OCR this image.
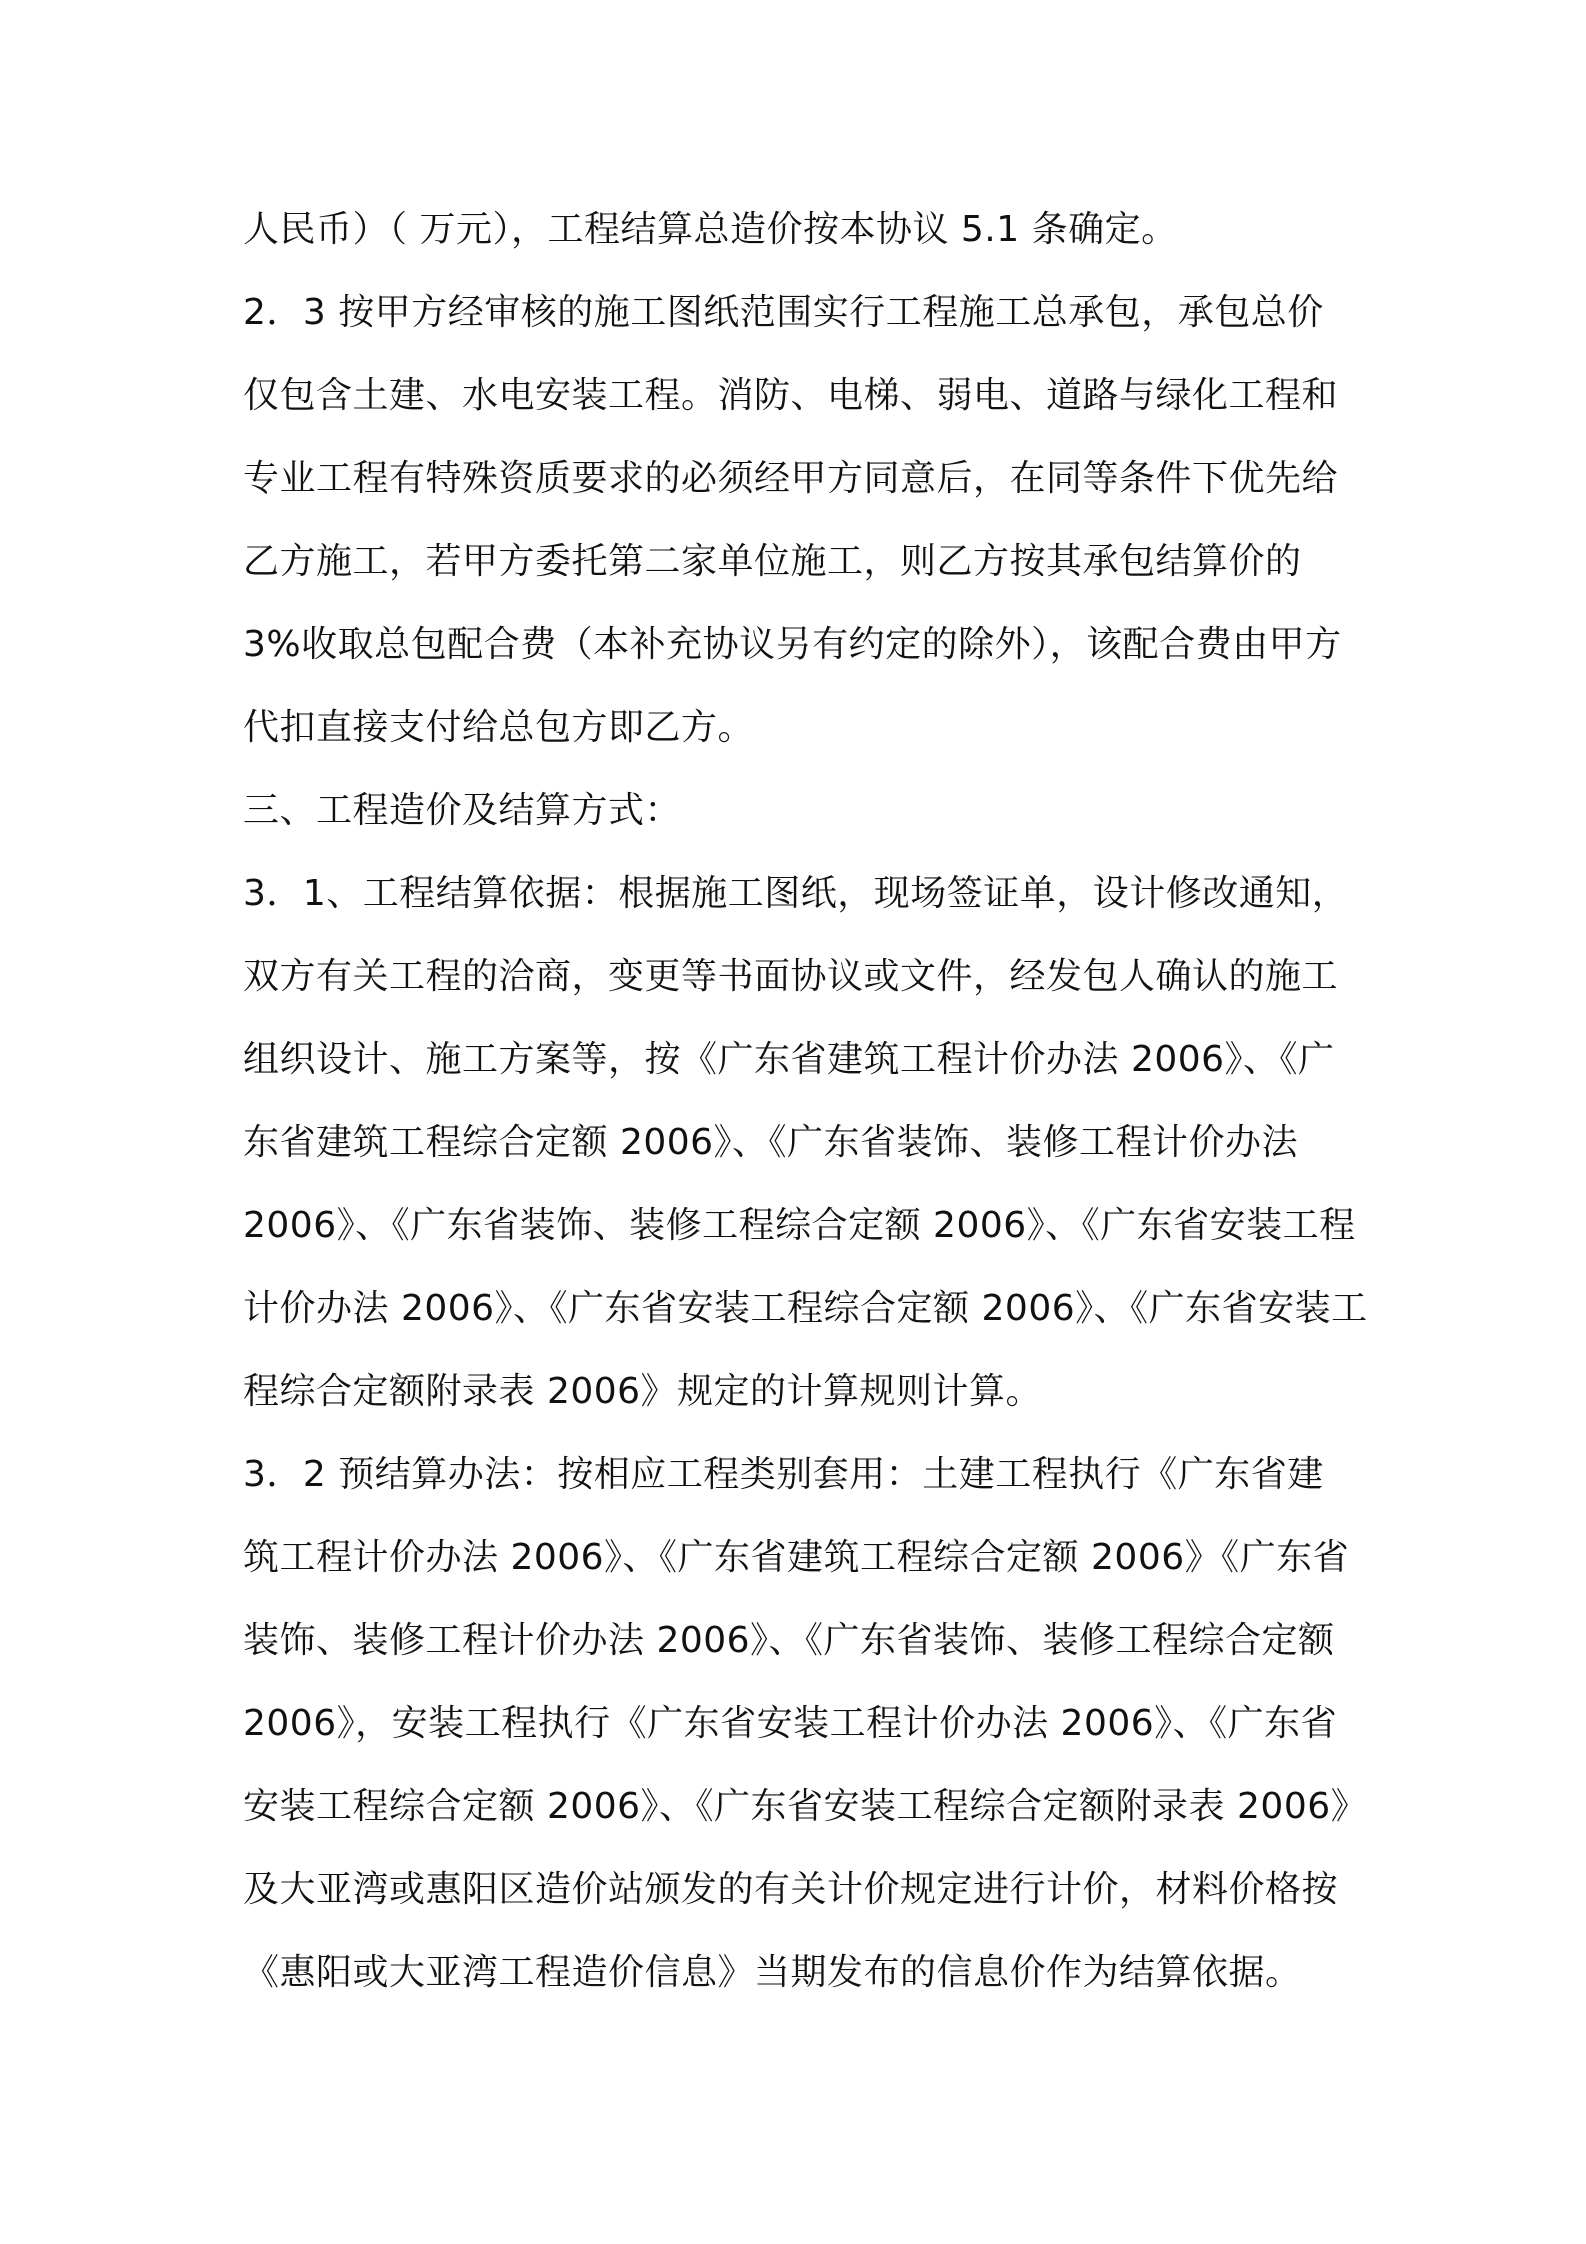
人民币）（ 万元），工程结算总造价按本协议 5.1 条确定。
2．3 按甲方经审核的施工图纸范围实行工程施工总承包，承包总价
仅包含土建、水电安装工程。消防、电梯、弱电、道路与绿化工程和
专业工程有特殊资质要求的必须经甲方同意后，在同等条件下优先给
乙方施工，若甲方委托第二家单位施工，则乙方按其承包结算价的
3%收取总包配合费（本补充协议另有约定的除外），该配合费由甲方
代扣直接支付给总包方即乙方。
三、工程造价及结算方式：
3．1、工程结算依据：根据施工图纸，现场签证单，设计修改通知，
双方有关工程的洽商，变更等书面协议或文件，经发包人确认的施工
组织设计、施工方案等，按《广东省建筑工程计价办法 2006》、《广
东省建筑工程综合定额 2006》、《广东省装饰、装修工程计价办法
2006》、《广东省装饰、装修工程综合定额 2006》、《广东省安装工程
计价办法 2006》、《广东省安装工程综合定额 2006》、《广东省安装工
程综合定额附录表 2006》规定的计算规则计算。
3．2 预结算办法：按相应工程类别套用：土建工程执行《广东省建
筑工程计价办法 2006》、《广东省建筑工程综合定额 2006》《广东省
装饰、装修工程计价办法 2006》、《广东省装饰、装修工程综合定额
2006》，安装工程执行《广东省安装工程计价办法 2006》、《广东省
安装工程综合定额 2006》、《广东省安装工程综合定额附录表 2006》
及大亚湾或惠阳区造价站颁发的有关计价规定进行计价，材料价格按
《惠阳或大亚湾工程造价信息》当期发布的信息价作为结算依据。
